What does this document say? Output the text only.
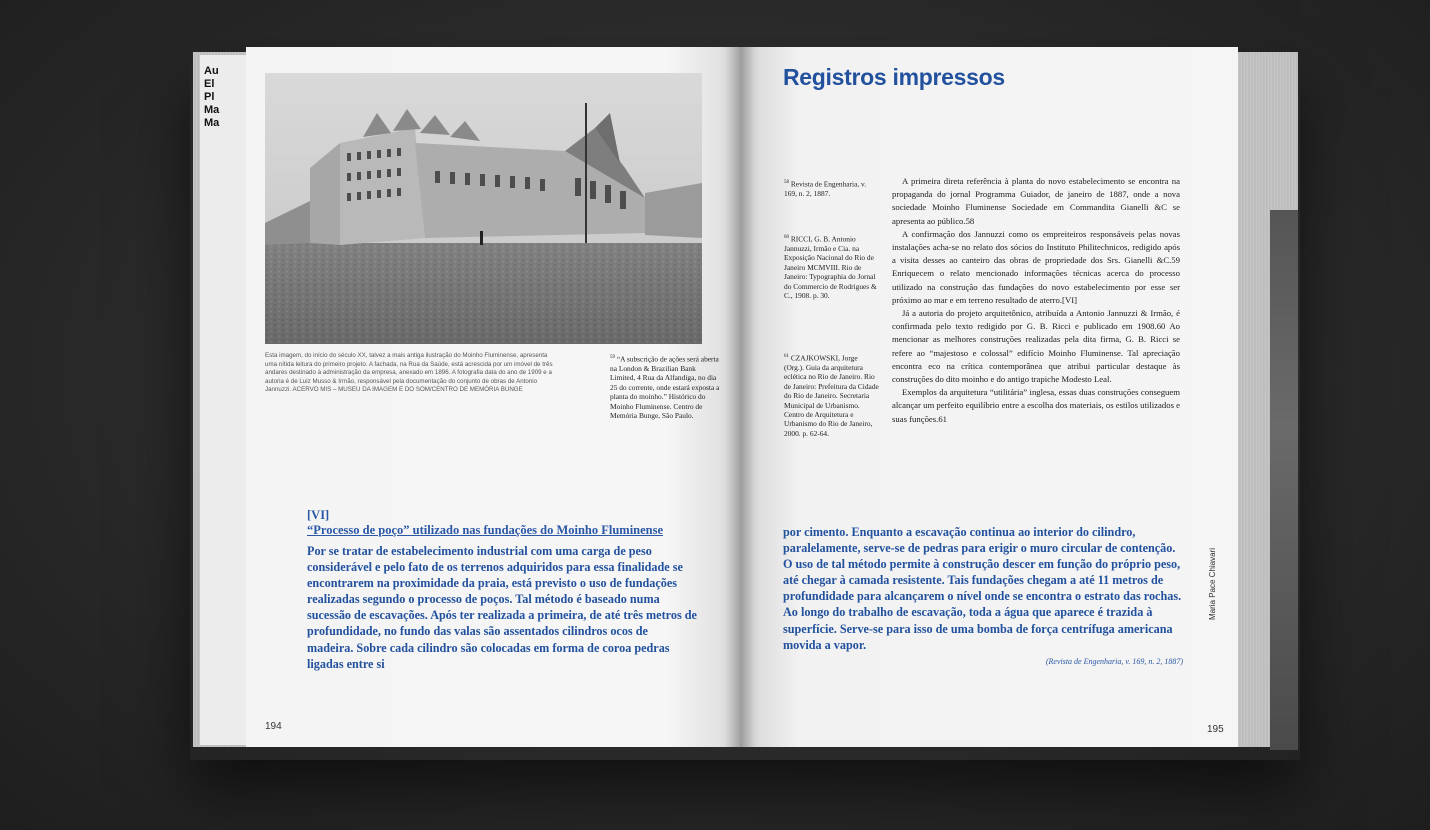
Au
El
Pl
Ma
Ma
Esta imagem, do início do século XX, talvez a mais antiga ilustração do Moinho Fluminense, apresenta uma nítida leitura do primeiro projeto. A fachada, na Rua da Saúde, está acrescida por um imóvel de três andares destinado à administração da empresa, anexado em 1896. A fotografia data do ano de 1909 e a autoria é de Luiz Musso & Irmão, responsável pela documentação do conjunto de obras de Antonio Jannuzzi. ACERVO MIS – MUSEU DA IMAGEM E DO SOM/CENTRO DE MEMÓRIA BUNGE
$^{59}$ “A subscrição de ações será aberta na London & Brazilian Bank Limited, 4 Rua da Alfandiga, no dia 25 do corrente, onde estará exposta a planta do moinho.” Histórico do Moinho Fluminense. Centro de Memória Bunge, São Paulo.
[VI]
“Processo de poço” utilizado nas fundações do Moinho Fluminense

Por se tratar de estabelecimento industrial com uma carga de peso considerável e pelo fato de os terrenos adquiridos para essa finalidade se encontrarem na proximidade da praia, está previsto o uso de fundações realizadas segundo o processo de poços. Tal método é baseado numa sucessão de escavações. Após ter realizada a primeira, de até três metros de profundidade, no fundo das valas são assentados cilindros ocos de madeira. Sobre cada cilindro são colocadas em forma de coroa pedras ligadas entre si

194
Registros impressos
$^{58}$ Revista de Engenharia, v. 169, n. 2, 1887.
$^{60}$ RICCI, G. B. Antonio Jannuzzi, Irmão e Cia. na Exposição Nacional do Rio de Janeiro MCMVIII. Rio de Janeiro: Typographia do Jornal do Commercio de Rodrigues & C., 1908. p. 30.
$^{61}$ CZAJKOWSKI, Jorge (Org.). Guia da arquitetura eclética no Rio de Janeiro. Rio de Janeiro: Prefeitura da Cidade do Rio de Janeiro. Secretaria Municipal de Urbanismo. Centro de Arquitetura e Urbanismo do Rio de Janeiro, 2000. p. 62-64.

A primeira direta referência à planta do novo estabelecimento se encontra na propaganda do jornal Programma Guiador, de janeiro de 1887, onde a nova sociedade Moinho Fluminense Sociedade em Commandita Gianelli &C se apresenta ao público.58

A confirmação dos Jannuzzi como os empreiteiros responsáveis pelas novas instalações acha-se no relato dos sócios do Instituto Philitechnicos, redigido após a visita desses ao canteiro das obras de propriedade dos Srs. Gianelli &C.59 Enriquecem o relato mencionado informações técnicas acerca do processo utilizado na construção das fundações do novo estabelecimento por esse ser próximo ao mar e em terreno resultado de aterro.[VI]

Já a autoria do projeto arquitetônico, atribuída a Antonio Jannuzzi & Irmão, é confirmada pelo texto redigido por G. B. Ricci e publicado em 1908.60 Ao mencionar as melhores construções realizadas pela dita firma, G. B. Ricci se refere ao “majestoso e colossal” edifício Moinho Fluminense. Tal apreciação encontra eco na crítica contemporânea que atribui particular destaque às construções do dito moinho e do antigo trapiche Modesto Leal.

Exemplos da arquitetura “utilitária” inglesa, essas duas construções conseguem alcançar um perfeito equilíbrio entre a escolha dos materiais, os estilos utilizados e suas funções.61

por cimento. Enquanto a escavação continua ao interior do cilindro, paralelamente, serve-se de pedras para erigir o muro circular de contenção. O uso de tal método permite à construção descer em função do próprio peso, até chegar à camada resistente. Tais fundações chegam a até 11 metros de profundidade para alcançarem o nível onde se encontra o estrato das rochas. Ao longo do trabalho de escavação, toda a água que aparece é trazida à superfície. Serve-se para isso de uma bomba de força centrífuga americana movida a vapor.

(Revista de Engenharia, v. 169, n. 2, 1887)
Maria Pace Chiavari
195
